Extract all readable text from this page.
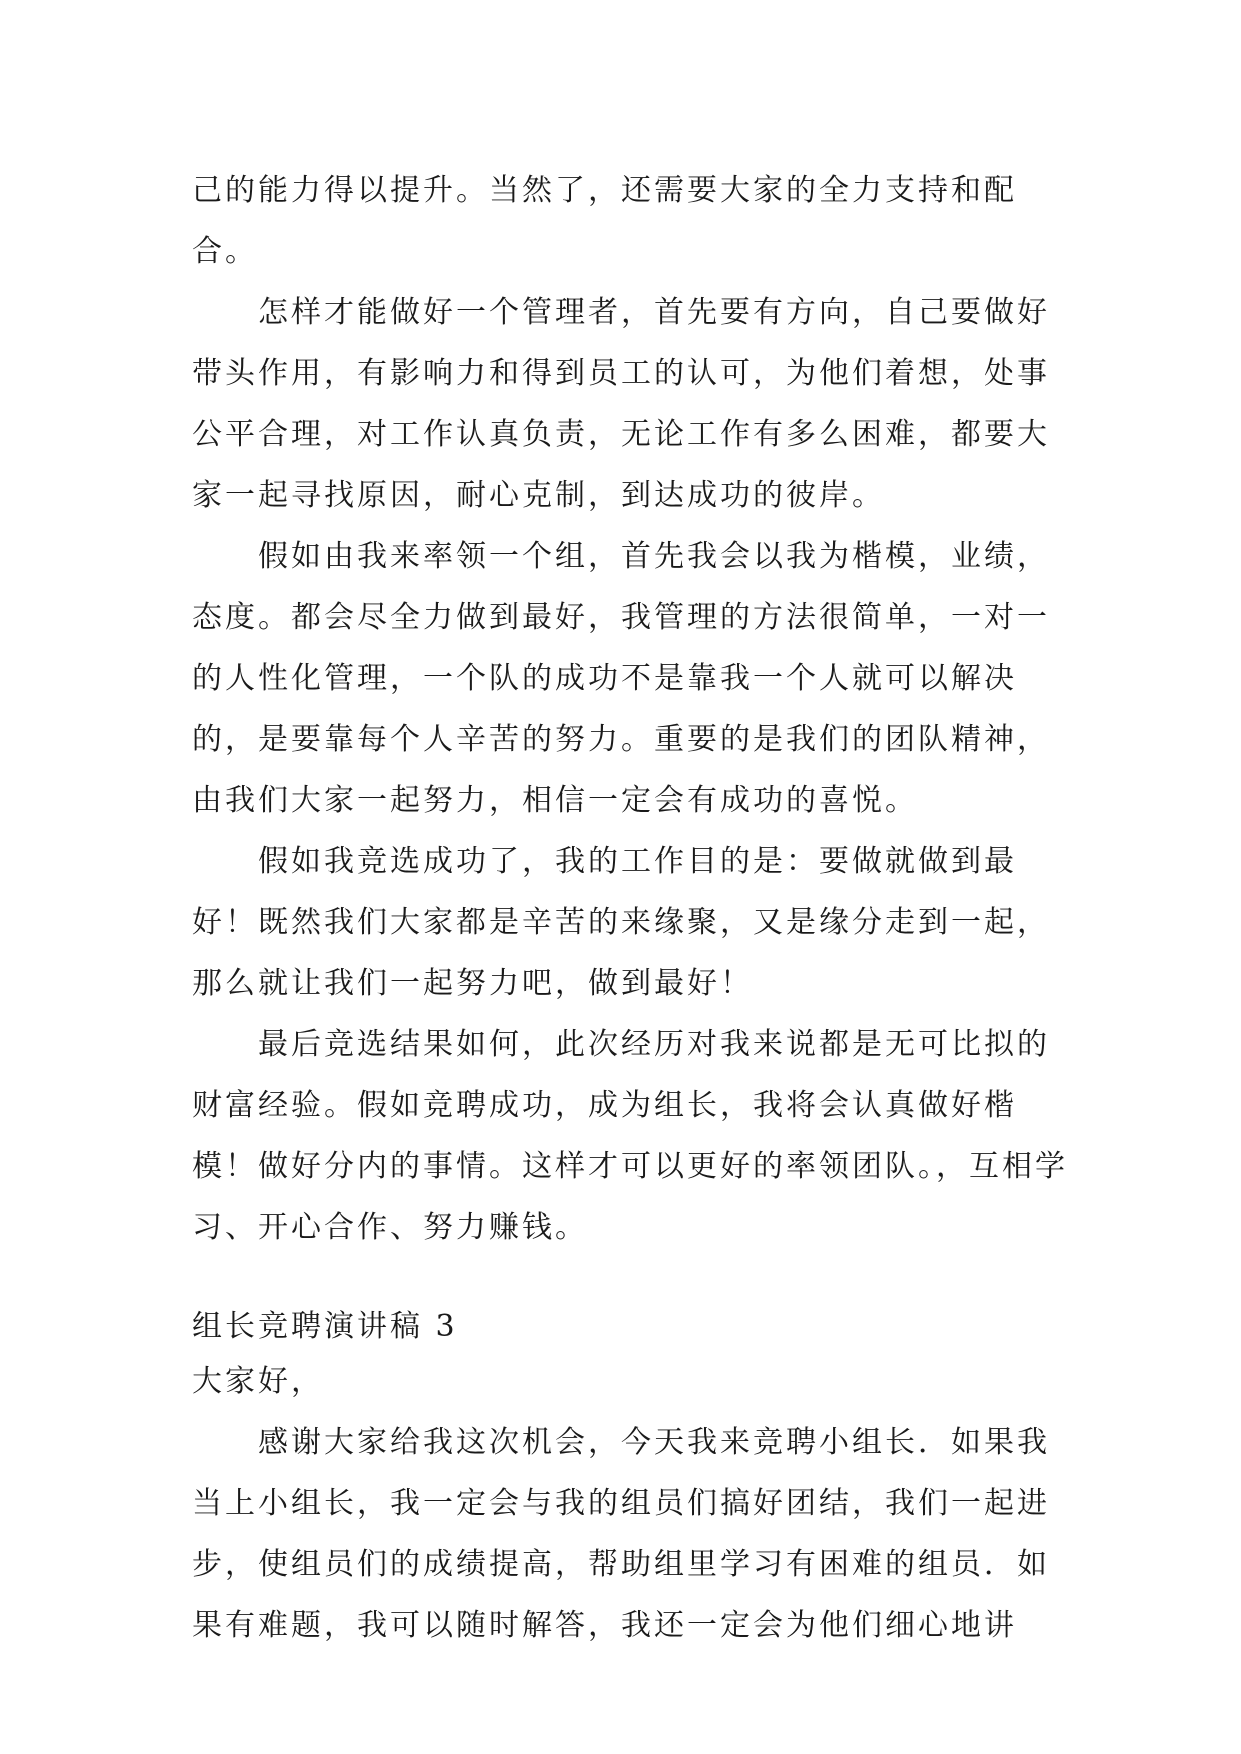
己的能力得以提升。当然了，还需要大家的全力支持和配合。

怎样才能做好一个管理者，首先要有方向，自己要做好带头作用，有影响力和得到员工的认可，为他们着想，处事公平合理，对工作认真负责，无论工作有多么困难，都要大家一起寻找原因，耐心克制，到达成功的彼岸。

假如由我来率领一个组，首先我会以我为楷模，业绩，态度。都会尽全力做到最好，我管理的方法很简单，一对一的人性化管理，一个队的成功不是靠我一个人就可以解决的，是要靠每个人辛苦的努力。重要的是我们的团队精神，由我们大家一起努力，相信一定会有成功的喜悦。

假如我竞选成功了，我的工作目的是：要做就做到最好！既然我们大家都是辛苦的来缘聚，又是缘分走到一起，那么就让我们一起努力吧，做到最好！

最后竞选结果如何，此次经历对我来说都是无可比拟的财富经验。假如竞聘成功，成为组长，我将会认真做好楷模！做好分内的事情。这样才可以更好的率领团队。，互相学习、开心合作、努力赚钱。

组长竞聘演讲稿 3

大家好，

感谢大家给我这次机会，今天我来竞聘小组长．如果我当上小组长，我一定会与我的组员们搞好团结，我们一起进步，使组员们的成绩提高，帮助组里学习有困难的组员．如果有难题，我可以随时解答，我还一定会为他们细心地讲
